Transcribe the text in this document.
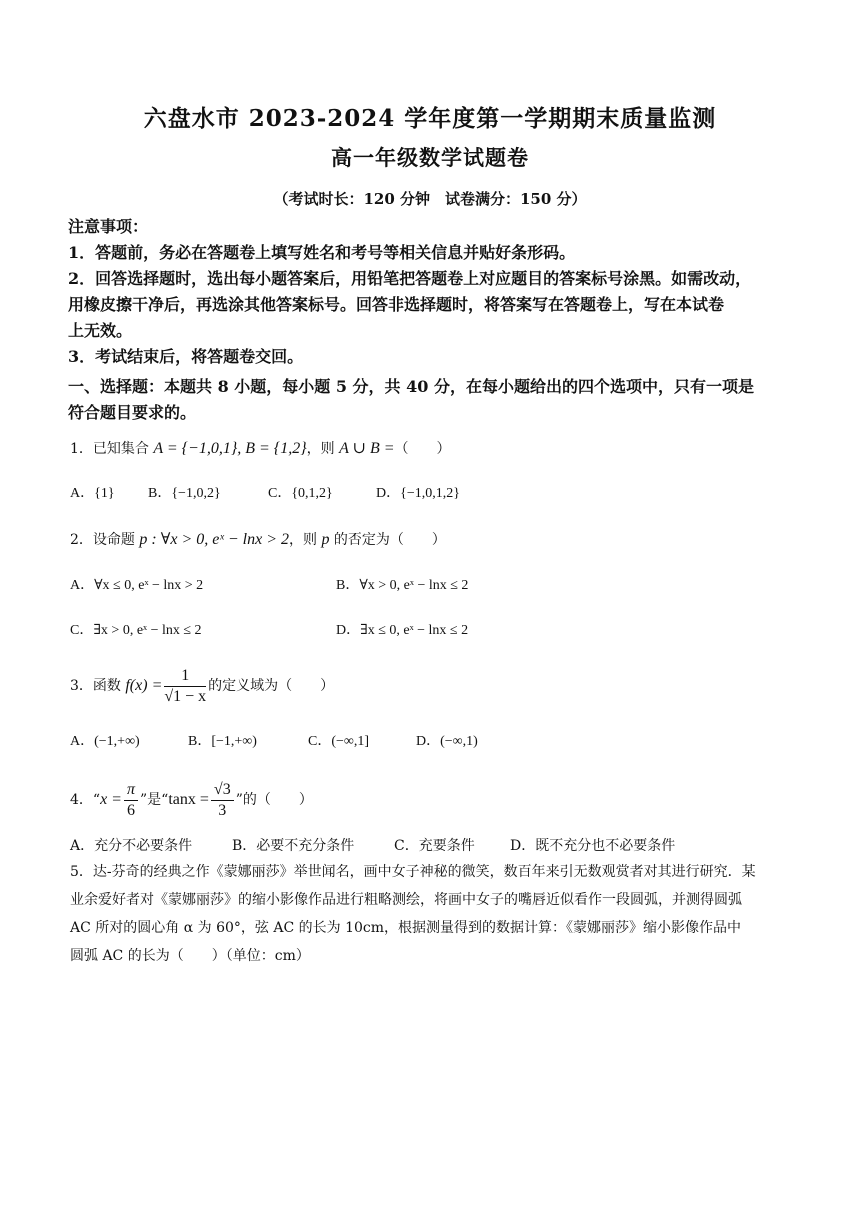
六盘水市 2023-2024 学年度第一学期期末质量监测
高一年级数学试题卷
（考试时长：120 分钟　试卷满分：150 分）
注意事项：
1．答题前，务必在答题卷上填写姓名和考号等相关信息并贴好条形码。
2．回答选择题时，选出每小题答案后，用铅笔把答题卷上对应题目的答案标号涂黑。如需改动，
用橡皮擦干净后，再选涂其他答案标号。回答非选择题时，将答案写在答题卷上，写在本试卷
上无效。
3．考试结束后，将答题卷交回。
一、选择题：本题共 8 小题，每小题 5 分，共 40 分，在每小题给出的四个选项中，只有一项是
符合题目要求的。
1．已知集合 A = {−1,0,1}, B = {1,2}，则 A ∪ B =（　　）
A．{1} B．{−1,0,2}	C．{0,1,2}	D．{−1,0,1,2}
2．设命题 p : ∀x > 0, eˣ − lnx > 2，则 p 的否定为（　　）
A．∀x ≤ 0, eˣ − lnx > 2	B．∀x > 0, eˣ − lnx ≤ 2
C．∃x > 0, eˣ − lnx ≤ 2	D．∃x ≤ 0, eˣ − lnx ≤ 2
3．函数 $f(x) = \frac{1}{√1 - x}$ 的定义域为（　　）
A．(−1,+∞)	B．[−1,+∞)	C．(−∞,1]	D．(−∞,1)
4．“$x = \frac{\pi}{6}$ ”是“$\tan x = \frac{√3}{3}$ ”的（　　）
A．充分不必要条件	B．必要不充分条件	C．充要条件	D．既不充分也不必要条件
5．达-芬奇的经典之作《蒙娜丽莎》举世闻名，画中女子神秘的微笑，数百年来引无数观赏者对其进行研究．某
业余爱好者对《蒙娜丽莎》的缩小影像作品进行粗略测绘，将画中女子的嘴唇近似看作一段圆弧，并测得圆弧
AC 所对的圆心角 α 为 60°，弦 AC 的长为 10cm，根据测量得到的数据计算：《蒙娜丽莎》缩小影像作品中
圆弧 AC 的长为（　　）（单位：cm）
